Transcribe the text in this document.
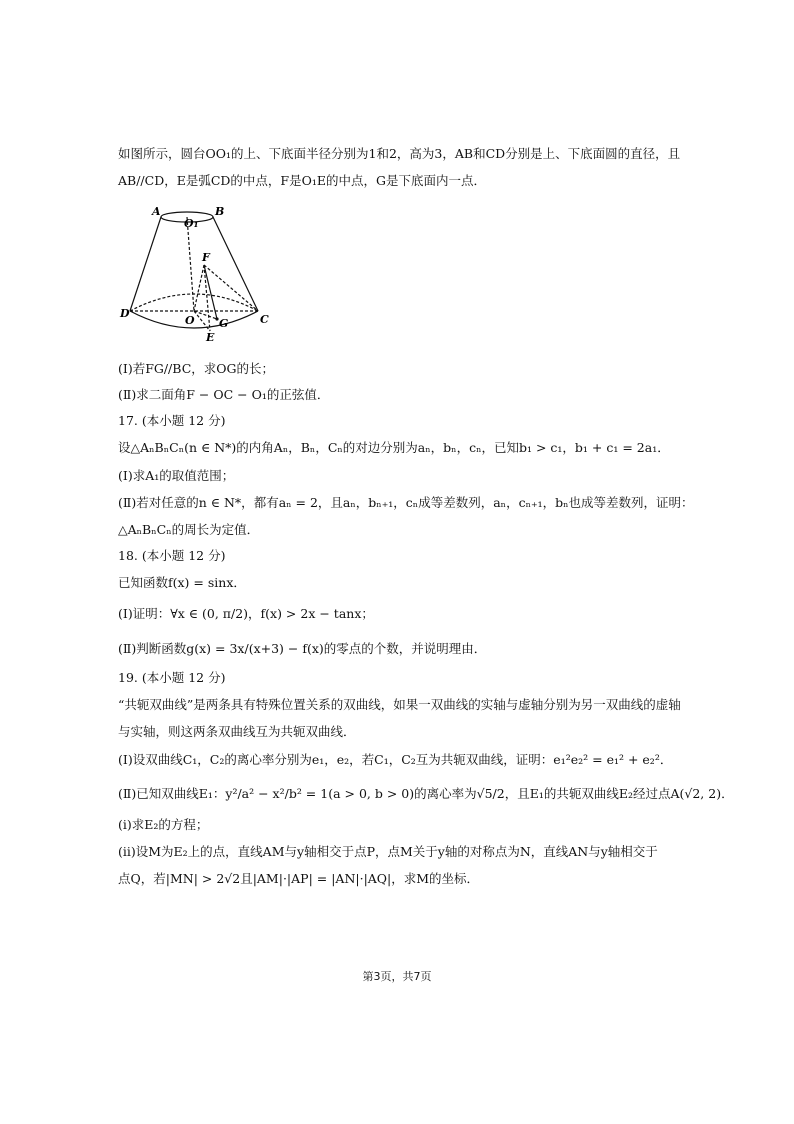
如图所示，圆台OO₁的上、下底面半径分别为1和2，高为3，AB和CD分别是上、下底面圆的直径，且
AB//CD，E是弧CD的中点，F是O₁E的中点，G是下底面内一点．
A	B
O₁
F
D
O G	C
E
(Ⅰ)若FG//BC，求OG的长；
(Ⅱ)求二面角F − OC − O₁的正弦值．
17. (本小题 12 分)
设△AₙBₙCₙ(n ∈ N*)的内角Aₙ，Bₙ，Cₙ的对边分别为aₙ，bₙ，cₙ，已知b₁ > c₁，b₁ + c₁ = 2a₁．
(Ⅰ)求A₁的取值范围；
(Ⅱ)若对任意的n ∈ N*，都有aₙ = 2，且aₙ，bₙ₊₁，cₙ成等差数列，aₙ，cₙ₊₁，bₙ也成等差数列，证明：
△AₙBₙCₙ的周长为定值．
18. (本小题 12 分)
已知函数f(x) = sinx．
(Ⅰ)证明：∀x ∈ (0, π/2)，f(x) > 2x − tanx；
(Ⅱ)判断函数g(x) = 3x/(x+3) − f(x)的零点的个数，并说明理由．
19. (本小题 12 分)
“共轭双曲线”是两条具有特殊位置关系的双曲线，如果一双曲线的实轴与虚轴分别为另一双曲线的虚轴
与实轴，则这两条双曲线互为共轭双曲线．
(Ⅰ)设双曲线C₁，C₂的离心率分别为e₁，e₂，若C₁，C₂互为共轭双曲线，证明：e₁²e₂² = e₁² + e₂²．
(Ⅱ)已知双曲线E₁：y²/a² − x²/b² = 1(a > 0, b > 0)的离心率为√5/2，且E₁的共轭双曲线E₂经过点A(√2, 2)．
(ⅰ)求E₂的方程；
(ⅱ)设M为E₂上的点，直线AM与y轴相交于点P，点M关于y轴的对称点为N，直线AN与y轴相交于
点Q，若|MN| > 2√2且|AM|·|AP| = |AN|·|AQ|，求M的坐标．
第3页，共7页
